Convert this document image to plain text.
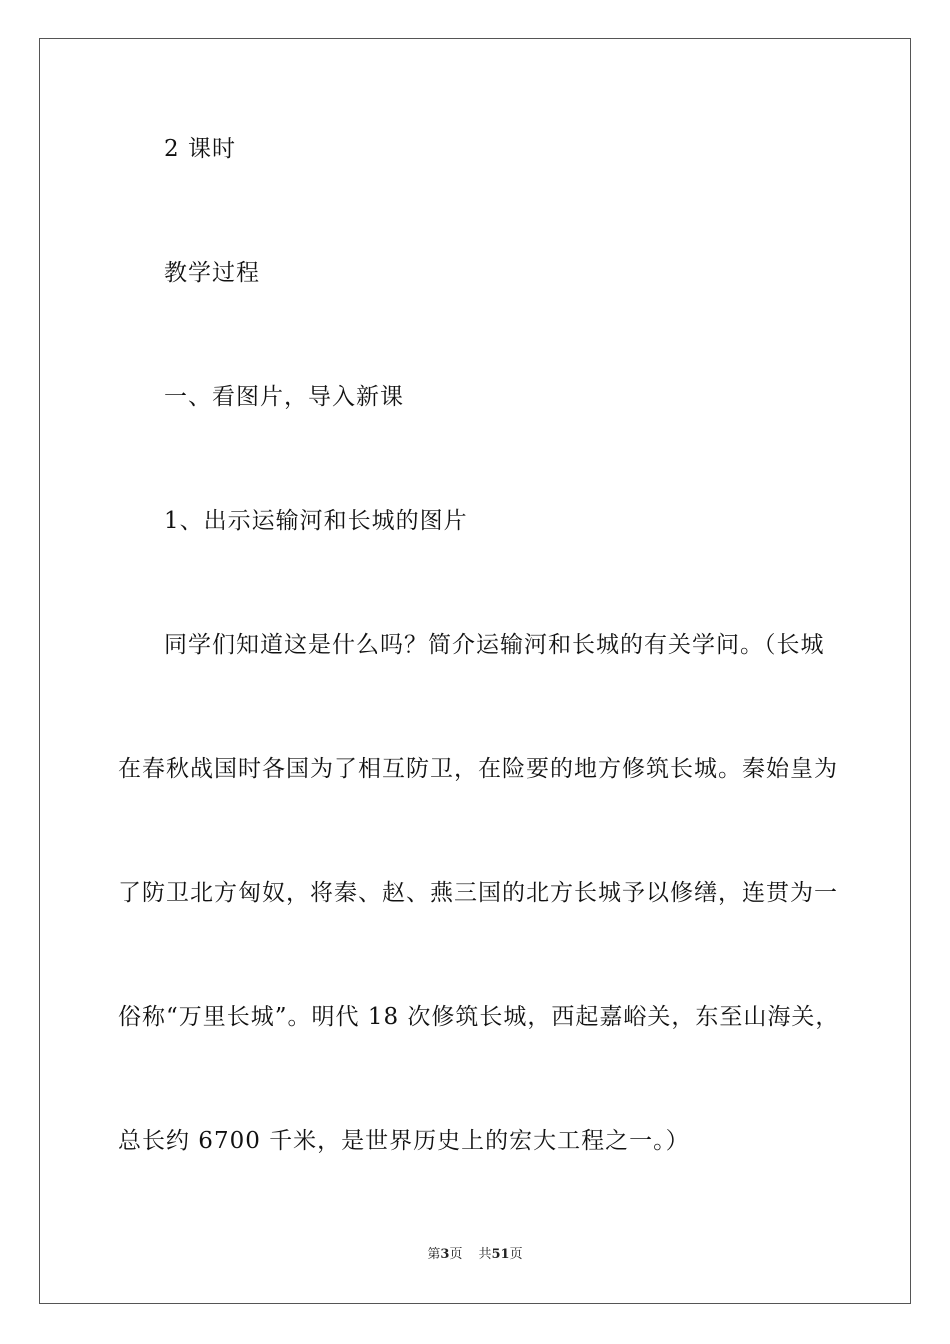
2 课时
教学过程
一、看图片，导入新课
1、出示运输河和长城的图片
同学们知道这是什么吗？简介运输河和长城的有关学问。（长城
在春秋战国时各国为了相互防卫，在险要的地方修筑长城。秦始皇为
了防卫北方匈奴，将秦、赵、燕三国的北方长城予以修缮，连贯为一
俗称“万里长城”。明代 18 次修筑长城，西起嘉峪关，东至山海关，
总长约 6700 千米，是世界历史上的宏大工程之一。）
第3页 共51页
